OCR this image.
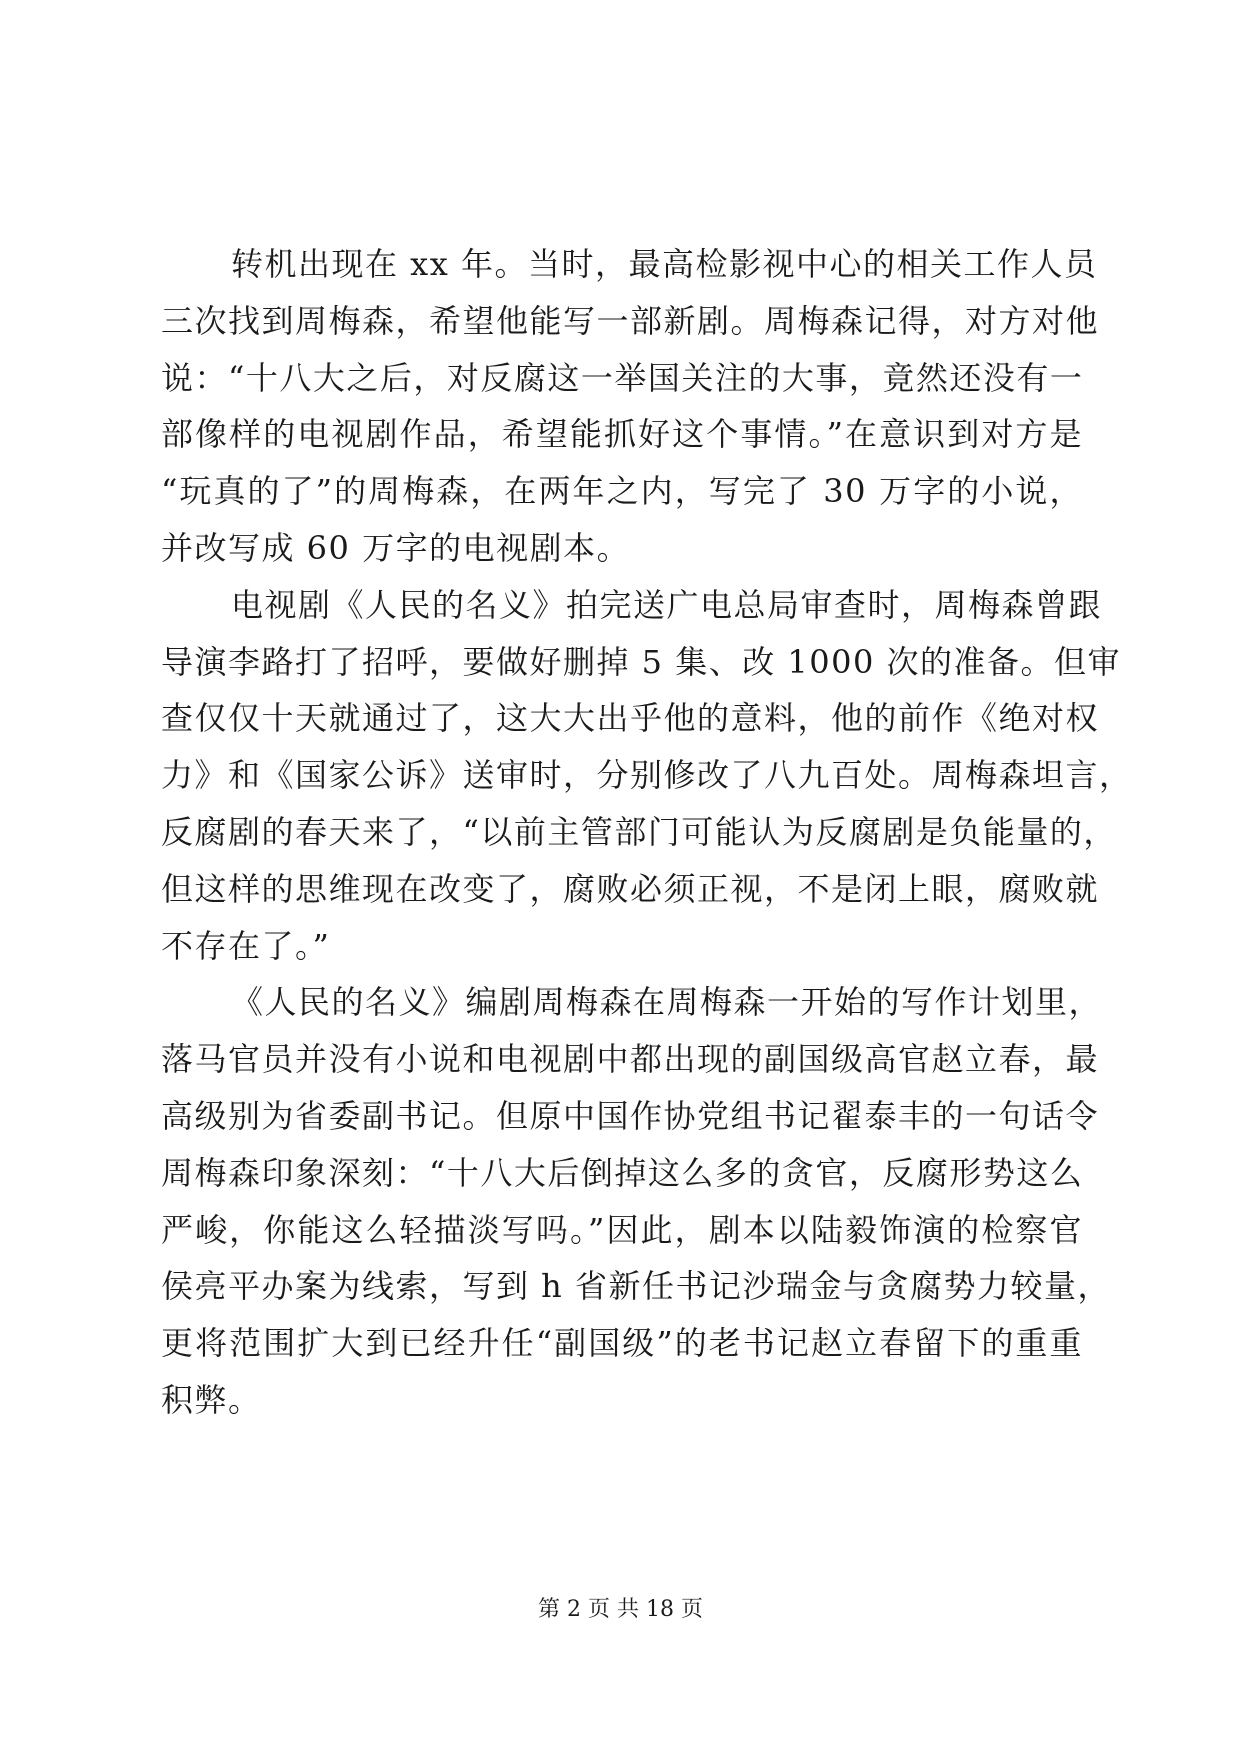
转机出现在 xx 年。当时，最高检影视中心的相关工作人员
三次找到周梅森，希望他能写一部新剧。周梅森记得，对方对他
说：“十八大之后，对反腐这一举国关注的大事，竟然还没有一
部像样的电视剧作品，希望能抓好这个事情。”在意识到对方是
“玩真的了”的周梅森，在两年之内，写完了 30 万字的小说，
并改写成 60 万字的电视剧本。
电视剧《人民的名义》拍完送广电总局审查时，周梅森曾跟
导演李路打了招呼，要做好删掉 5 集、改 1000 次的准备。但审
查仅仅十天就通过了，这大大出乎他的意料，他的前作《绝对权
力》和《国家公诉》送审时，分别修改了八九百处。周梅森坦言，
反腐剧的春天来了，“以前主管部门可能认为反腐剧是负能量的，
但这样的思维现在改变了，腐败必须正视，不是闭上眼，腐败就
不存在了。”
《人民的名义》编剧周梅森在周梅森一开始的写作计划里，
落马官员并没有小说和电视剧中都出现的副国级高官赵立春，最
高级别为省委副书记。但原中国作协党组书记翟泰丰的一句话令
周梅森印象深刻：“十八大后倒掉这么多的贪官，反腐形势这么
严峻，你能这么轻描淡写吗。”因此，剧本以陆毅饰演的检察官
侯亮平办案为线索，写到 h 省新任书记沙瑞金与贪腐势力较量，
更将范围扩大到已经升任“副国级”的老书记赵立春留下的重重
积弊。
第 2 页 共 18 页
